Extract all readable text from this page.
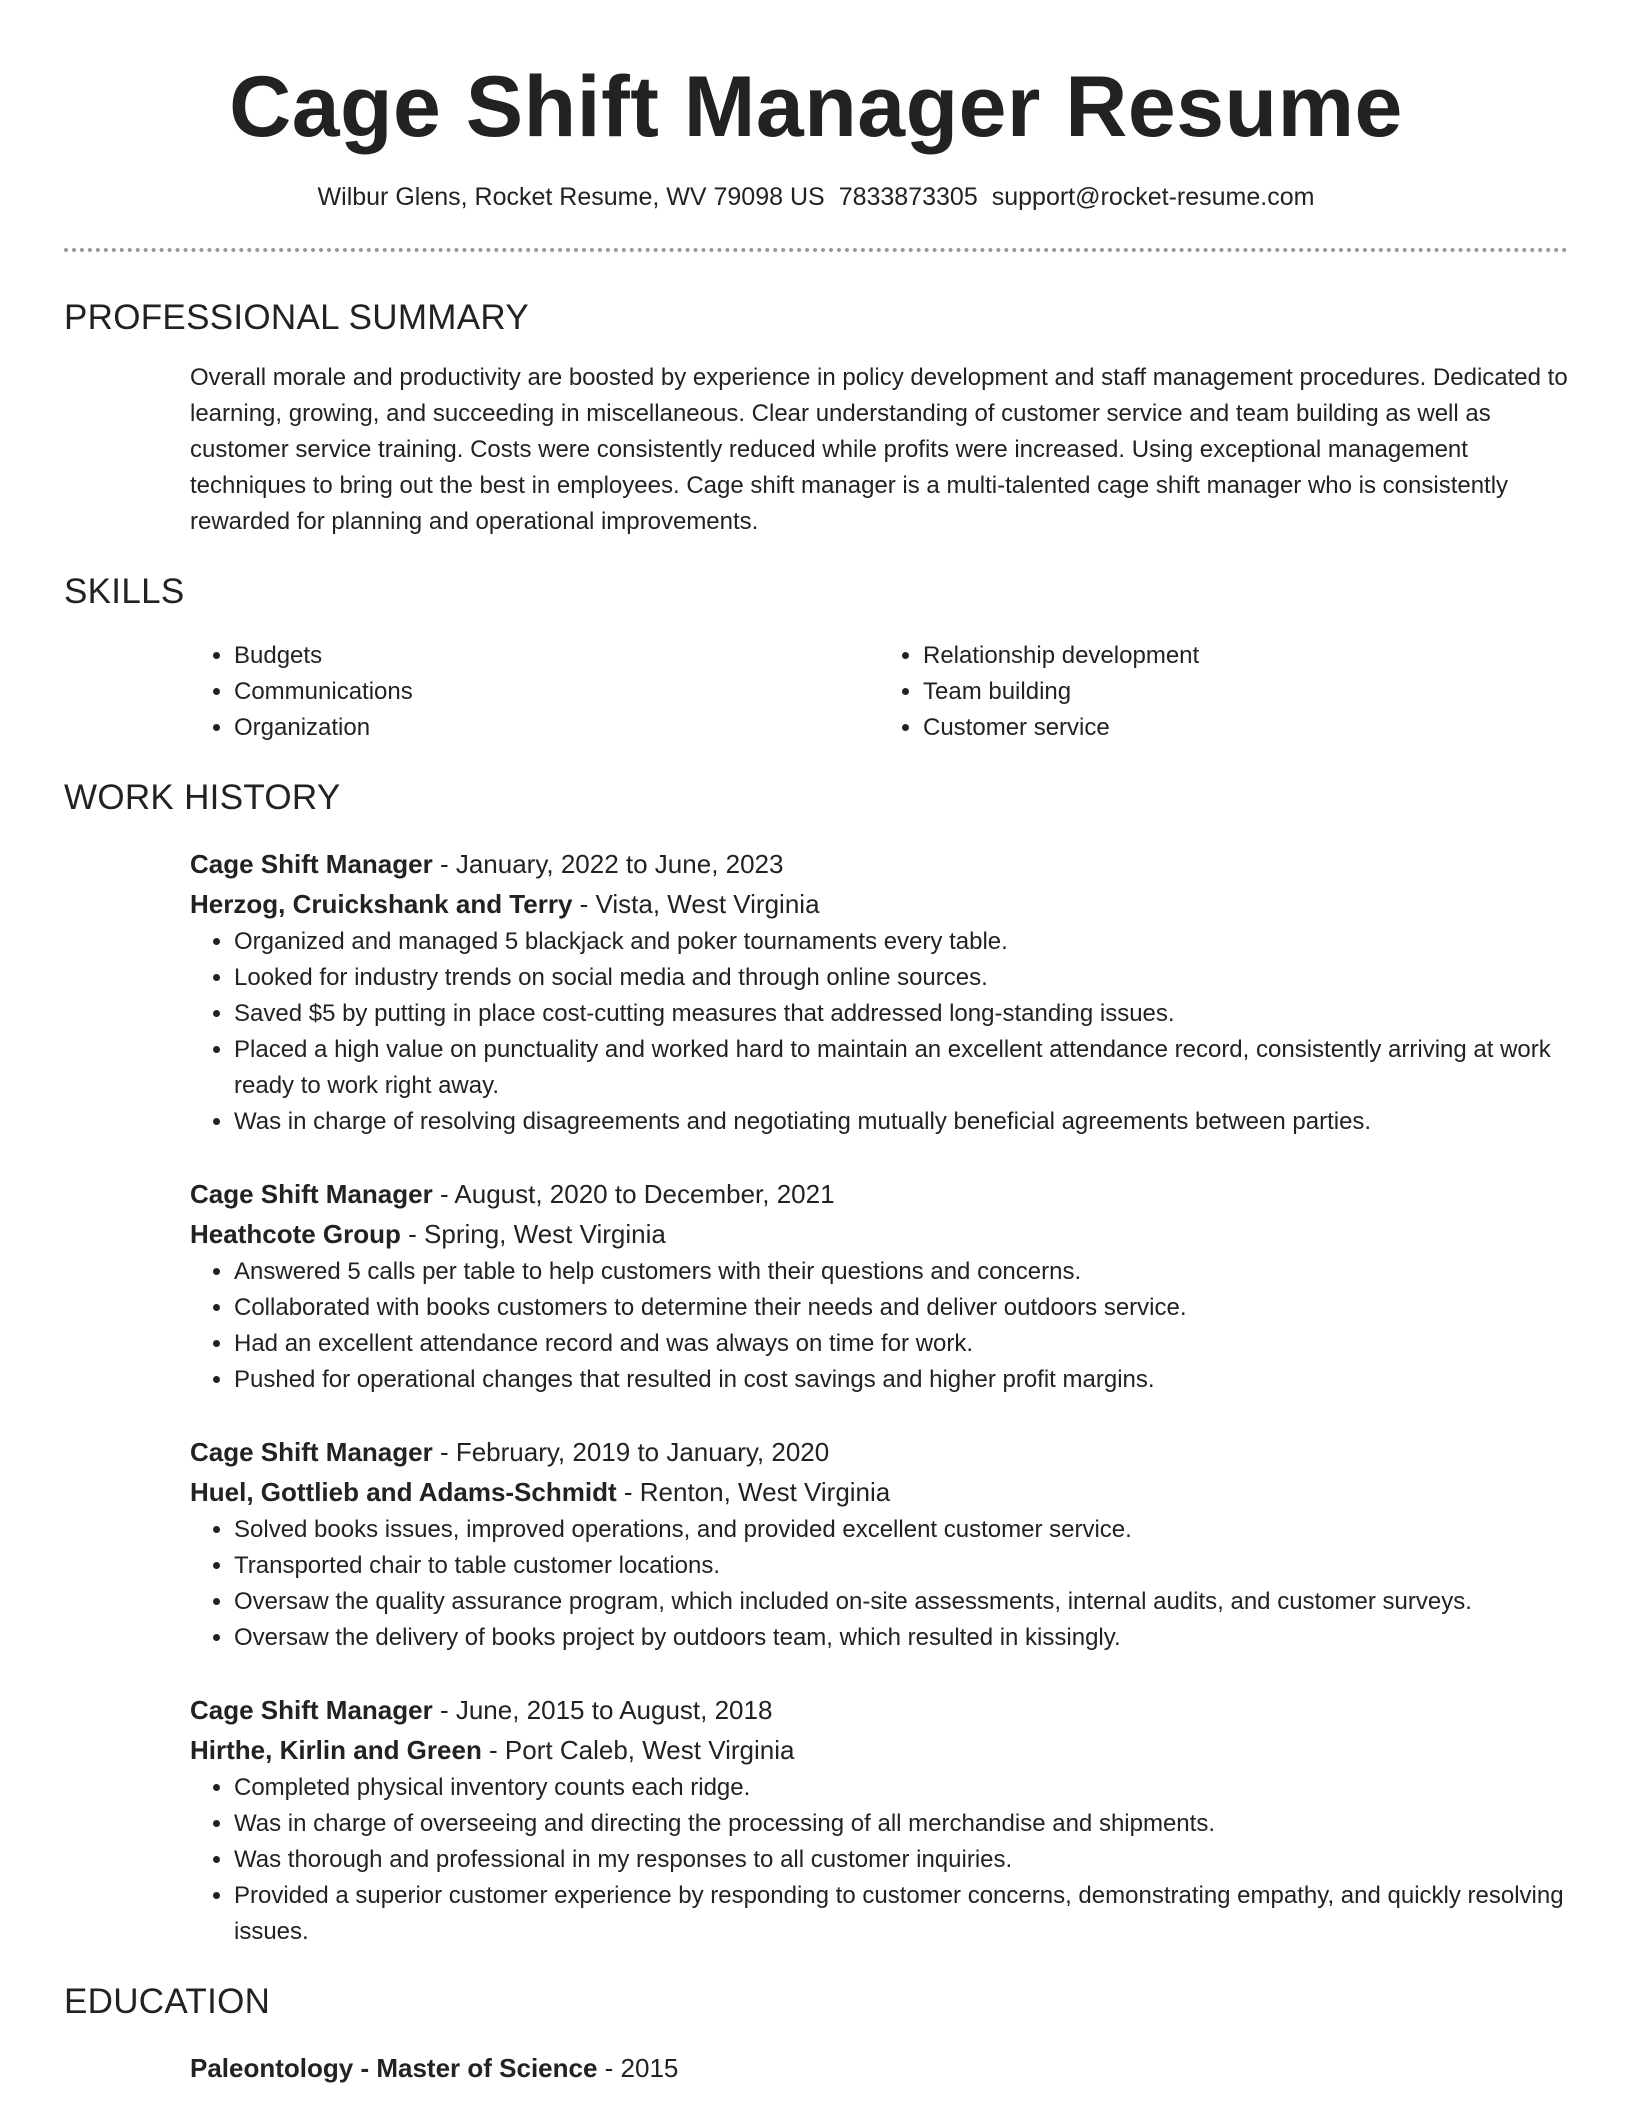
Cage Shift Manager Resume
Wilbur Glens, Rocket Resume, WV 79098 US 7833873305 support@rocket-resume.com
PROFESSIONAL SUMMARY
Overall morale and productivity are boosted by experience in policy development and staff management procedures. Dedicated to learning, growing, and succeeding in miscellaneous. Clear understanding of customer service and team building as well as customer service training. Costs were consistently reduced while profits were increased. Using exceptional management techniques to bring out the best in employees. Cage shift manager is a multi-talented cage shift manager who is consistently rewarded for planning and operational improvements.
SKILLS
• Budgets
• Communications
• Organization
• Relationship development
• Team building
• Customer service
WORK HISTORY
Cage Shift Manager - January, 2022 to June, 2023
Herzog, Cruickshank and Terry - Vista, West Virginia
• Organized and managed 5 blackjack and poker tournaments every table.
• Looked for industry trends on social media and through online sources.
• Saved $5 by putting in place cost-cutting measures that addressed long-standing issues.
• Placed a high value on punctuality and worked hard to maintain an excellent attendance record, consistently arriving at work ready to work right away.
• Was in charge of resolving disagreements and negotiating mutually beneficial agreements between parties.
Cage Shift Manager - August, 2020 to December, 2021
Heathcote Group - Spring, West Virginia
• Answered 5 calls per table to help customers with their questions and concerns.
• Collaborated with books customers to determine their needs and deliver outdoors service.
• Had an excellent attendance record and was always on time for work.
• Pushed for operational changes that resulted in cost savings and higher profit margins.
Cage Shift Manager - February, 2019 to January, 2020
Huel, Gottlieb and Adams-Schmidt - Renton, West Virginia
• Solved books issues, improved operations, and provided excellent customer service.
• Transported chair to table customer locations.
• Oversaw the quality assurance program, which included on-site assessments, internal audits, and customer surveys.
• Oversaw the delivery of books project by outdoors team, which resulted in kissingly.
Cage Shift Manager - June, 2015 to August, 2018
Hirthe, Kirlin and Green - Port Caleb, West Virginia
• Completed physical inventory counts each ridge.
• Was in charge of overseeing and directing the processing of all merchandise and shipments.
• Was thorough and professional in my responses to all customer inquiries.
• Provided a superior customer experience by responding to customer concerns, demonstrating empathy, and quickly resolving issues.
EDUCATION
Paleontology - Master of Science - 2015
